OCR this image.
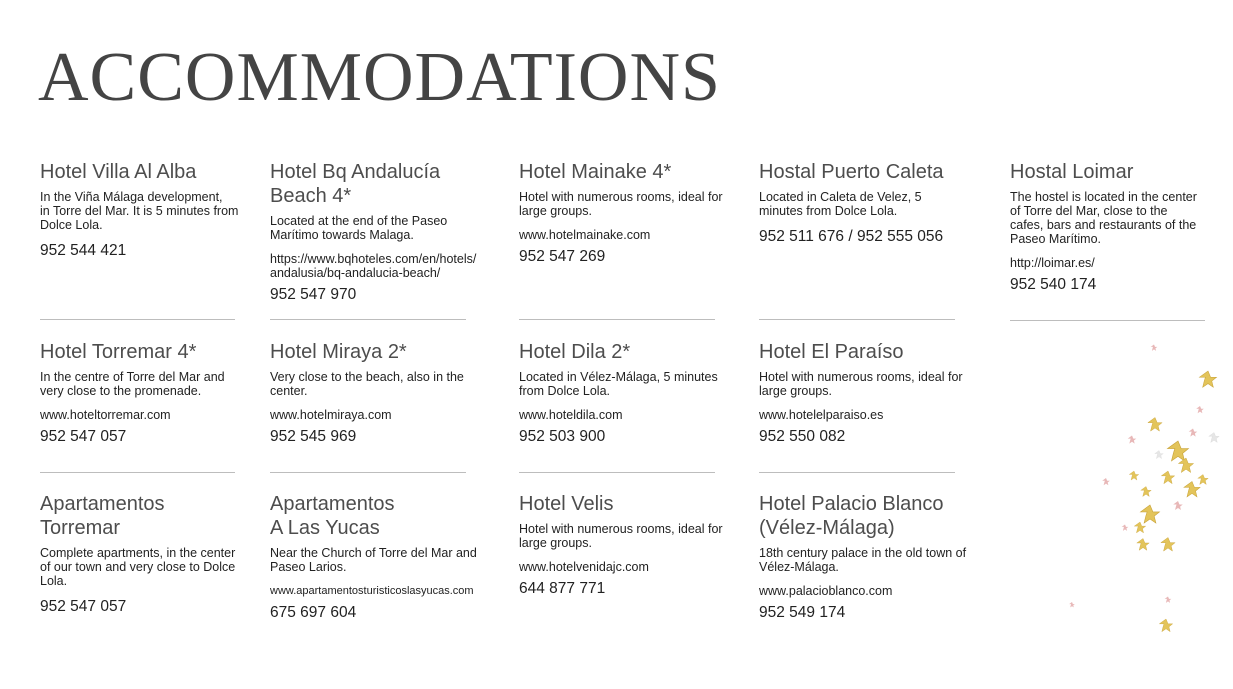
ACCOMMODATIONS
Hotel Villa Al Alba

In the Viña Málaga development,
in Torre del Mar. It is 5 minutes from
Dolce Lola.

952 544 421
Hotel Bq Andalucía
Beach 4*

Located at the end of the Paseo
Marítimo towards Malaga.

https://www.bqhoteles.com/en/hotels/
andalusia/bq-andalucia-beach/
952 547 970
Hotel Mainake 4*

Hotel with numerous rooms, ideal for
large groups.

www.hotelmainake.com
952 547 269
Hostal Puerto Caleta

Located in Caleta de Velez, 5
minutes from Dolce Lola.

952 511 676 / 952 555 056
Hostal Loimar

The hostel is located in the center
of Torre del Mar, close to the
cafes, bars and restaurants of the
Paseo Marítimo.

http://loimar.es/
952 540 174
Hotel Torremar 4*

In the centre of Torre del Mar and
very close to the promenade.

www.hoteltorremar.com
952 547 057
Hotel Miraya 2*

Very close to the beach, also in the
center.

www.hotelmiraya.com
952 545 969
Hotel Dila 2*

Located in Vélez-Málaga, 5 minutes
from Dolce Lola.

www.hoteldila.com
952 503 900
Hotel El Paraíso

Hotel with numerous rooms, ideal for
large groups.

www.hotelelparaiso.es
952 550 082
Apartamentos
Torremar

Complete apartments, in the center
of our town and very close to Dolce
Lola.

952 547 057
Apartamentos
A Las Yucas

Near the Church of Torre del Mar and
Paseo Larios.

www.apartamentosturisticoslasyucas.com
675 697 604
Hotel Velis

Hotel with numerous rooms, ideal for
large groups.

www.hotelvenidajc.com
644 877 771
Hotel Palacio Blanco
(Vélez-Málaga)

18th century palace in the old town of
Vélez-Málaga.

www.palacioblanco.com
952 549 174
